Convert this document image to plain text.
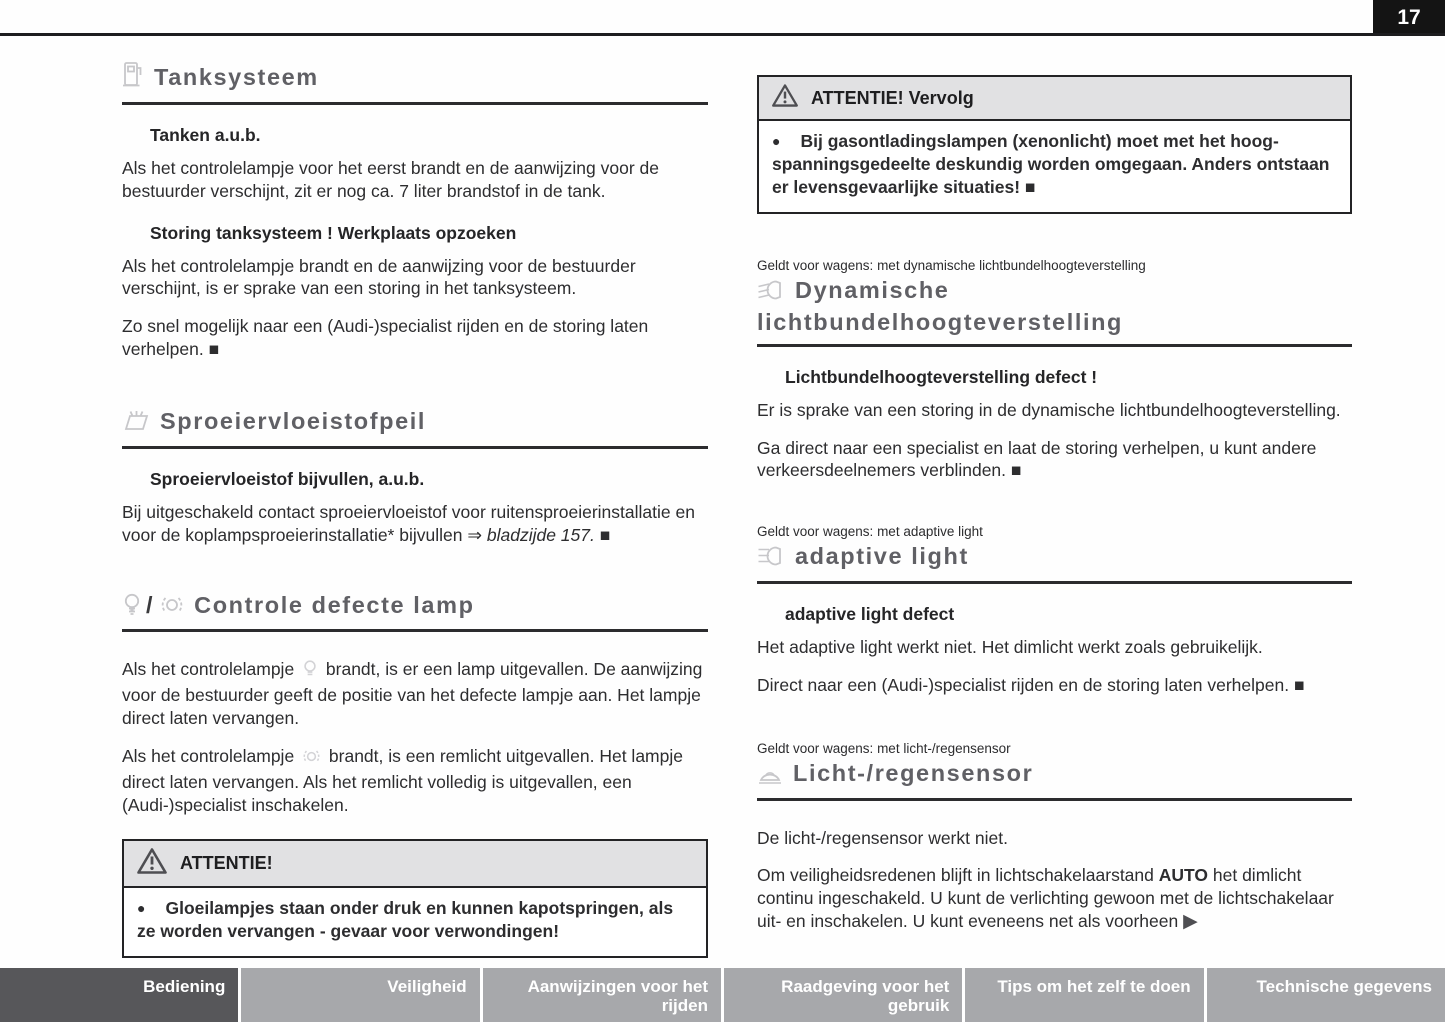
17
Tanksysteem
Tanken a.u.b.

Als het controlelampje voor het eerst brandt en de aanwijzing voor de bestuurder verschijnt, zit er nog ca. 7 liter brandstof in de tank.

Storing tanksysteem ! Werkplaats opzoeken

Als het controlelampje brandt en de aanwijzing voor de bestuurder verschijnt, is er sprake van een storing in het tanksysteem.

Zo snel mogelijk naar een (Audi-)specialist rijden en de storing laten verhelpen. ■

Sproeiervloeistofpeil
Sproeiervloeistof bijvullen, a.u.b.

Bij uitgeschakeld contact sproeiervloeistof voor ruitensproeierinstallatie en voor de koplampsproeierinstallatie* bijvullen ⇒ bladzijde 157. ■

/ Controle defecte lamp

Als het controlelampje  brandt, is er een lamp uitgevallen. De aanwijzing voor de bestuurder geeft de positie van het defecte lampje aan. Het lampje direct laten vervangen.

Als het controlelampje  brandt, is een remlicht uitgevallen. Het lampje direct laten vervangen. Als het remlicht volledig is uitgevallen, een (Audi-)specialist inschakelen.

ATTENTIE!
● Gloeilampjes staan onder druk en kunnen kapotspringen, als ze worden vervangen - gevaar voor verwondingen!
ATTENTIE! Vervolg
● Bij gasontladingslampen (xenonlicht) moet met het hoogspanningsgedeelte deskundig worden omgegaan. Anders ontstaan er levensgevaarlijke situaties! ■
Geldt voor wagens: met dynamische lichtbundelhoogteverstelling
Dynamische
lichtbundelhoogteverstelling
Lichtbundelhoogteverstelling defect !

Er is sprake van een storing in de dynamische lichtbundelhoogteverstelling.

Ga direct naar een specialist en laat de storing verhelpen, u kunt andere verkeersdeelnemers verblinden. ■

Geldt voor wagens: met adaptive light
adaptive light
adaptive light defect

Het adaptive light werkt niet. Het dimlicht werkt zoals gebruikelijk.

Direct naar een (Audi-)specialist rijden en de storing laten verhelpen. ■

Geldt voor wagens: met licht-/regensensor
Licht-/regensensor

De licht-/regensensor werkt niet.

Om veiligheidsredenen blijft in lichtschakelaarstand AUTO het dimlicht continu ingeschakeld. U kunt de verlichting gewoon met de lichtschakelaar uit- en inschakelen. U kunt eveneens net als voorheen ▶

Bediening	Veiligheid	Aanwijzingen voor het rijden
Raadgeving voor het gebruik
Tips om het zelf te doen	Technische gegevens
